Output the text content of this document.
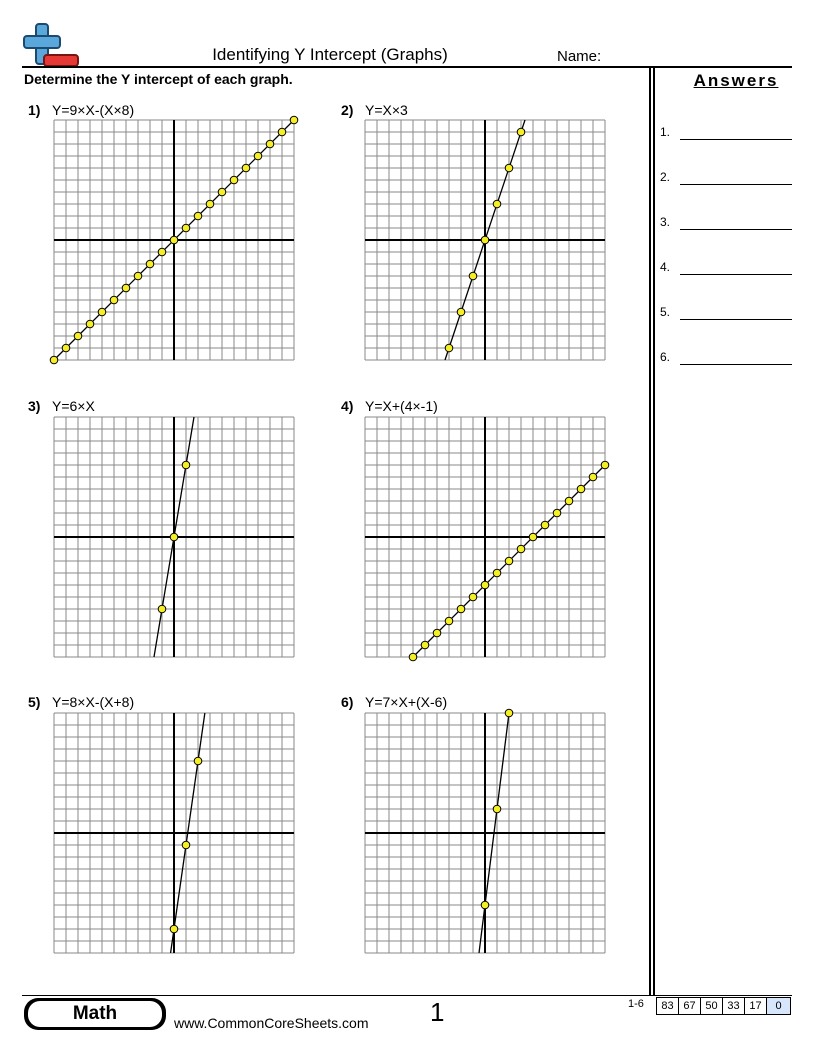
Identifying Y Intercept (Graphs)	Name:
Determine the Y intercept of each graph.	Answers
1.
2.
3.
4.
5.
6.
1) Y=9×X-(X×8)	2) Y=X×3
3) Y=6×X	4) Y=X+(4×-1)
5) Y=8×X-(X+8)	6) Y=7×X+(X-6)
Math	www.CommonCoreSheets.com 1	1-6	83 67 50 33 17	0
